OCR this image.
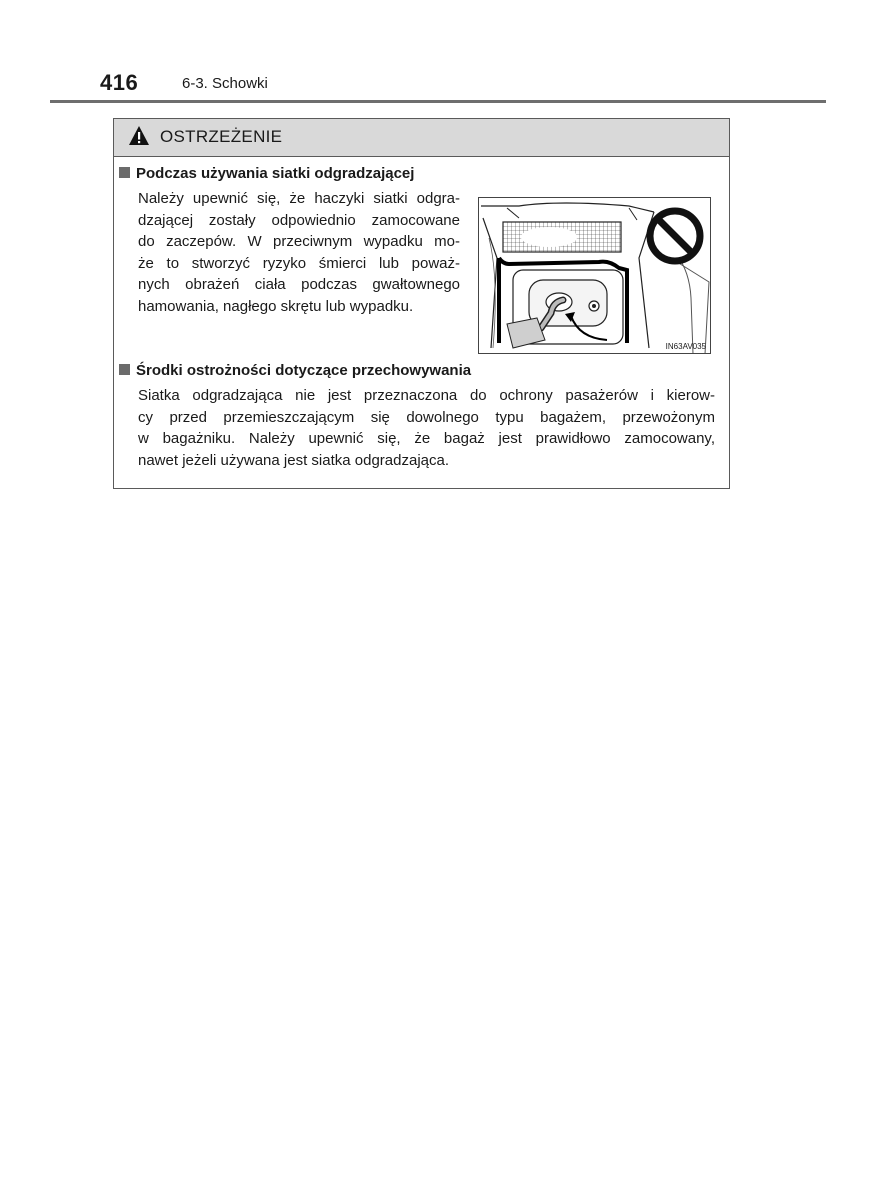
416	6-3. Schowki
OSTRZEŻENIE
Podczas używania siatki odgradzającej
Należy upewnić się, że haczyki siatki odgra-
dzającej zostały odpowiednio zamocowane
do zaczepów. W przeciwnym wypadku mo-
że to stworzyć ryzyko śmierci lub poważ-
nych obrażeń ciała podczas gwałtownego
hamowania, nagłego skrętu lub wypadku.
IN63AV035
Środki ostrożności dotyczące przechowywania
Siatka odgradzająca nie jest przeznaczona do ochrony pasażerów i kierow-
cy przed przemieszczającym się dowolnego typu bagażem, przewożonym
w bagażniku. Należy upewnić się, że bagaż jest prawidłowo zamocowany,
nawet jeżeli używana jest siatka odgradzająca.
